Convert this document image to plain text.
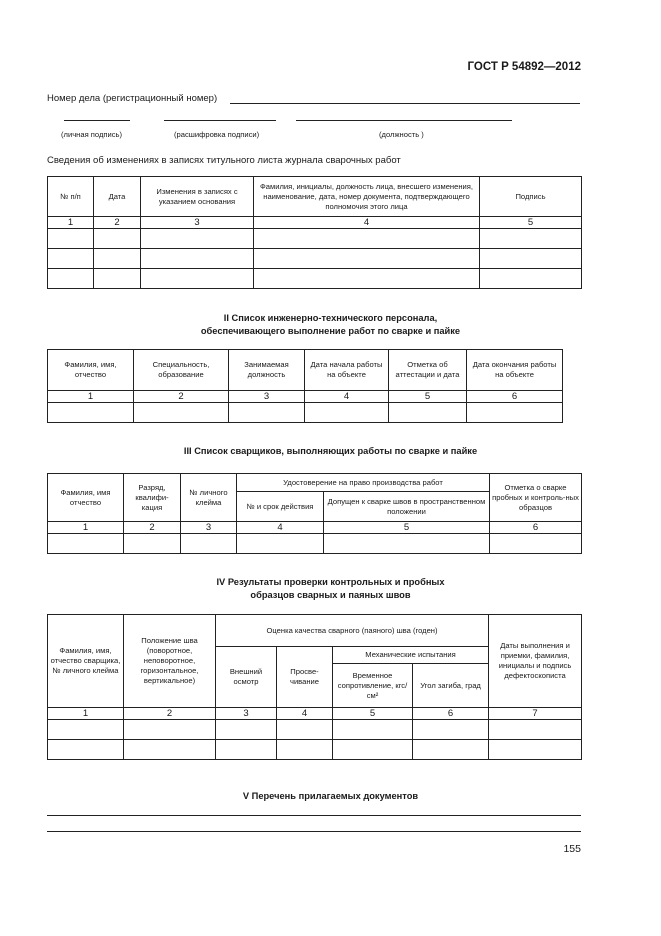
ГОСТ Р 54892—2012
Номер дела (регистрационный номер)
(личная подпись)	(расшифровка подписи)	(должность )
Сведения об изменениях в записях титульного листа журнала сварочных работ
№ п/п	Дата	Изменения в записях с указанием основания	Фамилия, инициалы, должность лица, внесшего изменения, наименование, дата, номер документа, подтверждающего полномочия этого лица	Подпись
1	2	3	4	5

II Список инженерно-технического персонала,
обеспечивающего выполнение работ по сварке и пайке
Фамилия, имя, отчество	Специальность, образование	Занимаемая должность	Дата начала работы на объекте	Отметка об аттестации и дата	Дата окончания работы на объекте
1	2	3	4	5	6

III Список сварщиков, выполняющих работы по сварке и пайке
Фамилия, имя отчество	Разряд, квалифи-кация	№ личного клейма	Удостоверение на право производства работ		Отметка о сварке пробных и контроль-ных образцов
			№ и срок действия	Допущен к сварке швов в пространственном положении	
1	2	3	4	5	6

IV Результаты проверки контрольных и пробных
образцов сварных и паяных швов
Фамилия, имя, отчество сварщика, № личного клейма	Положение шва (поворотное, неповоротное, горизонтальное, вертикальное)	Оценка качества сварного (паяного) шва (годен)				Даты выполнения и приемки, фамилия, инициалы и подпись дефектоскописта
		Внешний осмотр	Просве-чивание	Механические испытания		
				Временное сопротивление, кгс/см²	Угол загиба, град	
1	2	3	4	5	6	7

V Перечень прилагаемых документов
155
